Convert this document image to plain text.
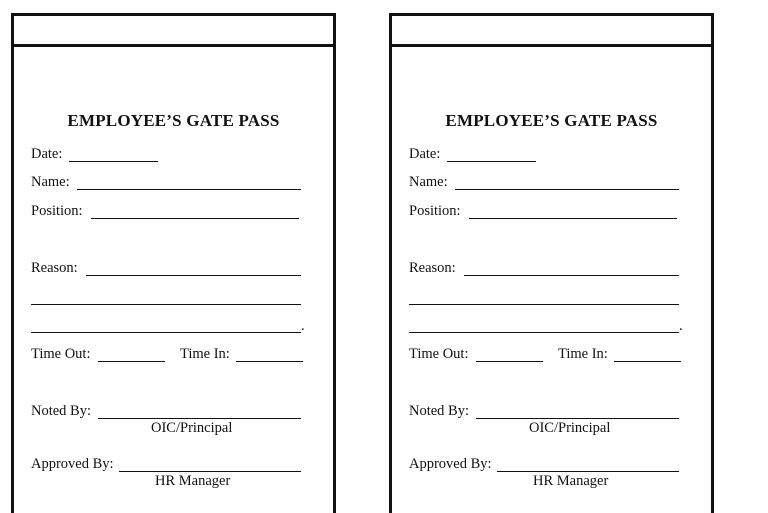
EMPLOYEE’S GATE PASS
Date:
Name:
Position:
Reason:
.
Time Out:	Time In:
Noted By:
OIC/Principal
Approved By:
HR Manager
EMPLOYEE’S GATE PASS
Date:
Name:
Position:
Reason:
.
Time Out:	Time In:
Noted By:
OIC/Principal
Approved By:
HR Manager
